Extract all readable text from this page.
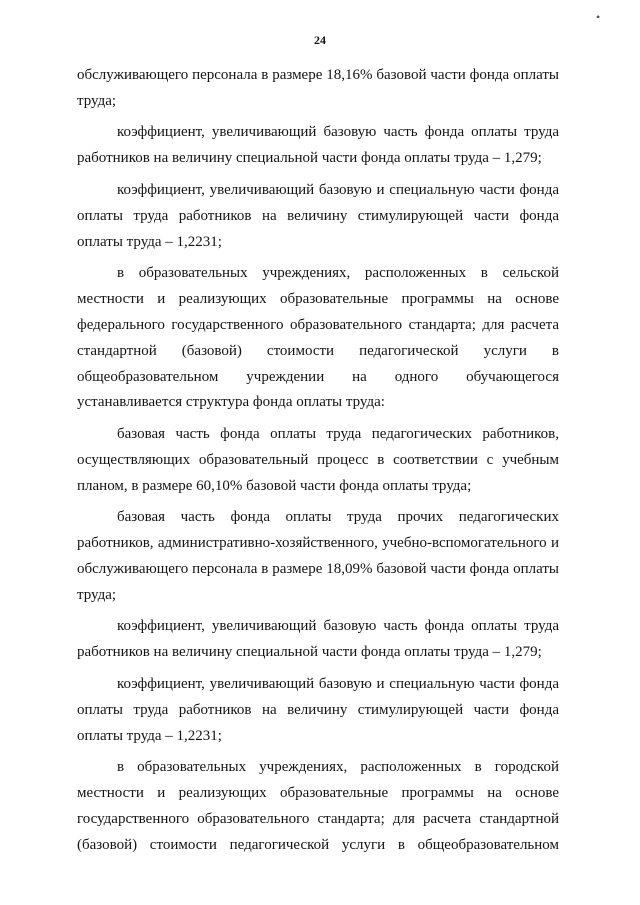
24
•
обслуживающего персонала в размере 18,16% базовой части фонда оплаты
труда;
коэффициент, увеличивающий базовую часть фонда оплаты труда
работников на величину специальной части фонда оплаты труда – 1,279;
коэффициент, увеличивающий базовую и специальную части фонда
оплаты труда работников на величину стимулирующей части фонда
оплаты труда – 1,2231;
в образовательных учреждениях, расположенных в сельской
местности и реализующих образовательные программы на основе
федерального государственного образовательного стандарта; для расчета
стандартной (базовой) стоимости педагогической услуги в
общеобразовательном учреждении на одного обучающегося
устанавливается структура фонда оплаты труда:
базовая часть фонда оплаты труда педагогических работников,
осуществляющих образовательный процесс в соответствии с учебным
планом, в размере 60,10% базовой части фонда оплаты труда;
базовая часть фонда оплаты труда прочих педагогических
работников, административно-хозяйственного, учебно-вспомогательного и
обслуживающего персонала в размере 18,09% базовой части фонда оплаты
труда;
коэффициент, увеличивающий базовую часть фонда оплаты труда
работников на величину специальной части фонда оплаты труда – 1,279;
коэффициент, увеличивающий базовую и специальную части фонда
оплаты труда работников на величину стимулирующей части фонда
оплаты труда – 1,2231;
в образовательных учреждениях, расположенных в городской
местности и реализующих образовательные программы на основе
государственного образовательного стандарта; для расчета стандартной
(базовой) стоимости педагогической услуги в общеобразовательном
